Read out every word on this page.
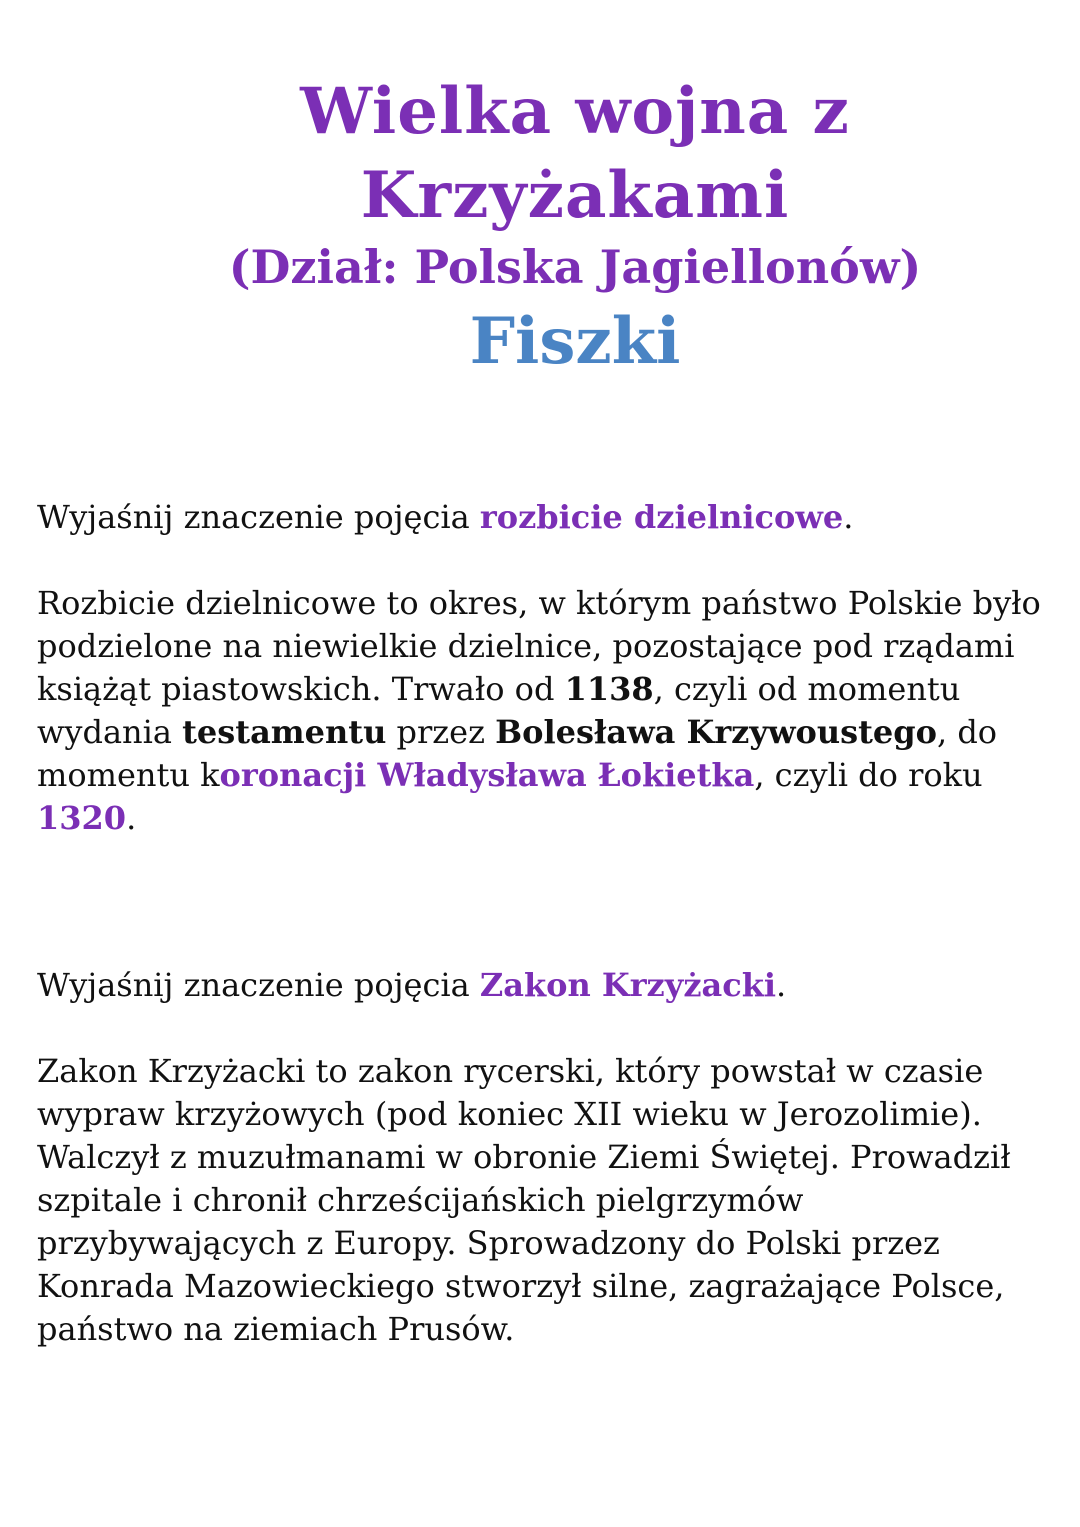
Wielka wojna z
Krzyżakami
(Dział: Polska Jagiellonów)
Fiszki

Wyjaśnij znaczenie pojęcia rozbicie dzielnicowe.

Rozbicie dzielnicowe to okres, w którym państwo Polskie było podzielone na niewielkie dzielnice, pozostające pod rządami książąt piastowskich. Trwało od 1138, czyli od momentu wydania testamentu przez Bolesława Krzywoustego, do momentu koronacji Władysława Łokietka, czyli do roku 1320.

Wyjaśnij znaczenie pojęcia Zakon Krzyżacki.

Zakon Krzyżacki to zakon rycerski, który powstał w czasie wypraw krzyżowych (pod koniec XII wieku w Jerozolimie). Walczył z muzułmanami w obronie Ziemi Świętej. Prowadził szpitale i chronił chrześcijańskich pielgrzymów przybywających z Europy. Sprowadzony do Polski przez Konrada Mazowieckiego stworzył silne, zagrażające Polsce, państwo na ziemiach Prusów.
